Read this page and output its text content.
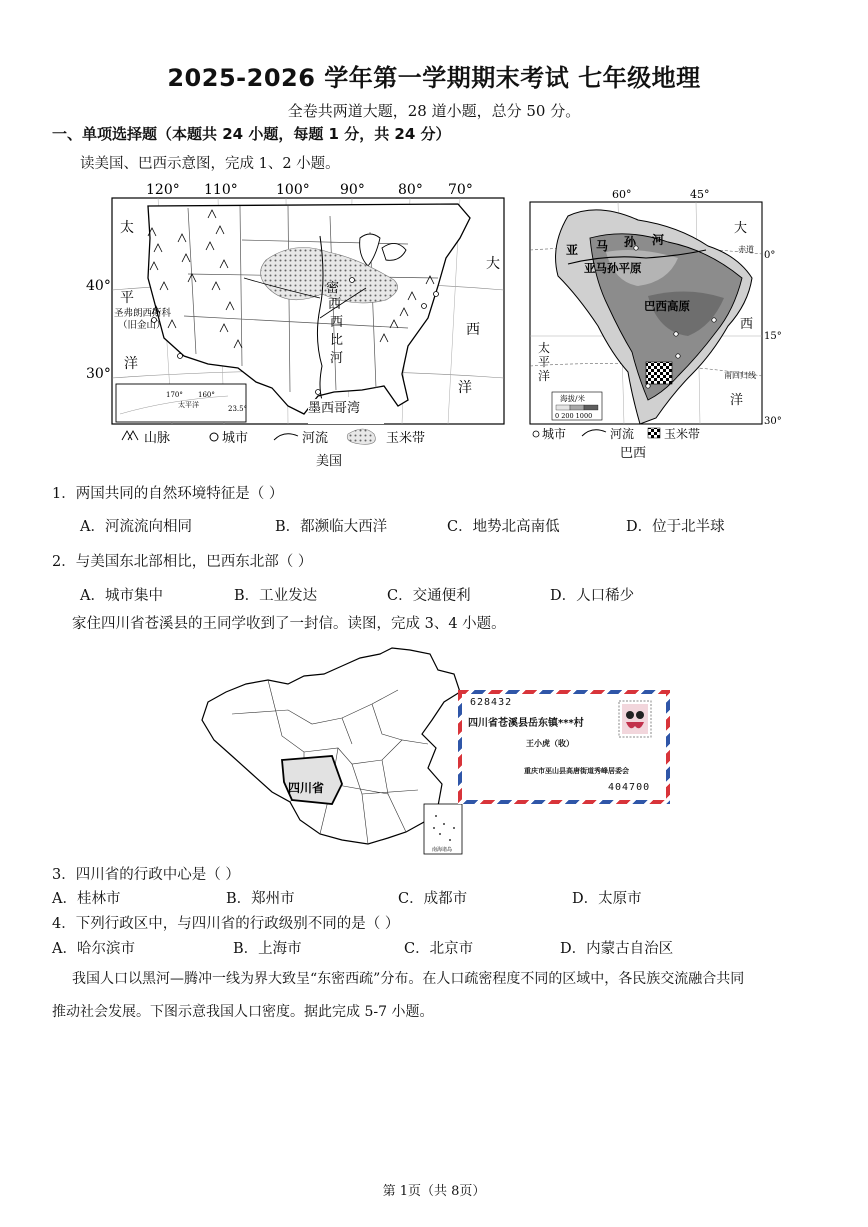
2025-2026 学年第一学期期末考试 七年级地理
全卷共两道大题，28 道小题，总分 50 分。
一、单项选择题（本题共 24 小题，每题 1 分，共 24 分）
读美国、巴西示意图，完成 1、2 小题。
120° 110°	100° 90° 80° 70°
40°
30°
太
平
洋
大
西
洋
圣弗朗西斯科
（旧金山）
密
西
西
比
河
墨西哥湾
170° 160°
太平洋	23.5°
山脉	城市	河流	玉米带
美国
60°	45°
0°
15°
30°
大
西
洋
赤道
南回归线
太
平
洋
亚 马 孙 河
亚马孙平原
巴西高原
海拔/米
0 200 1000
城市	河流 玉米带
巴西
1．两国共同的自然环境特征是（ ）
A．河流流向相同	B．都濒临大西洋	C．地势北高南低	D．位于北半球
2．与美国东北部相比，巴西东北部（ ）
A．城市集中	B．工业发达	C．交通便利	D．人口稀少
家住四川省苍溪县的王同学收到了一封信。读图，完成 3、4 小题。
四川省
南海诸岛
628432
四川省苍溪县岳东镇***村
王小虎（收）
重庆市巫山县高唐街道秀峰居委会
404700
3．四川省的行政中心是（ ）
A．桂林市	B．郑州市	C．成都市	D．太原市
4．下列行政区中，与四川省的行政级别不同的是（ ）
A．哈尔滨市	B．上海市	C．北京市	D．内蒙古自治区
我国人口以黑河—腾冲一线为界大致呈“东密西疏”分布。在人口疏密程度不同的区域中，各民族交流融合共同
推动社会发展。下图示意我国人口密度。据此完成 5-7 小题。
第 1页（共 8页）
